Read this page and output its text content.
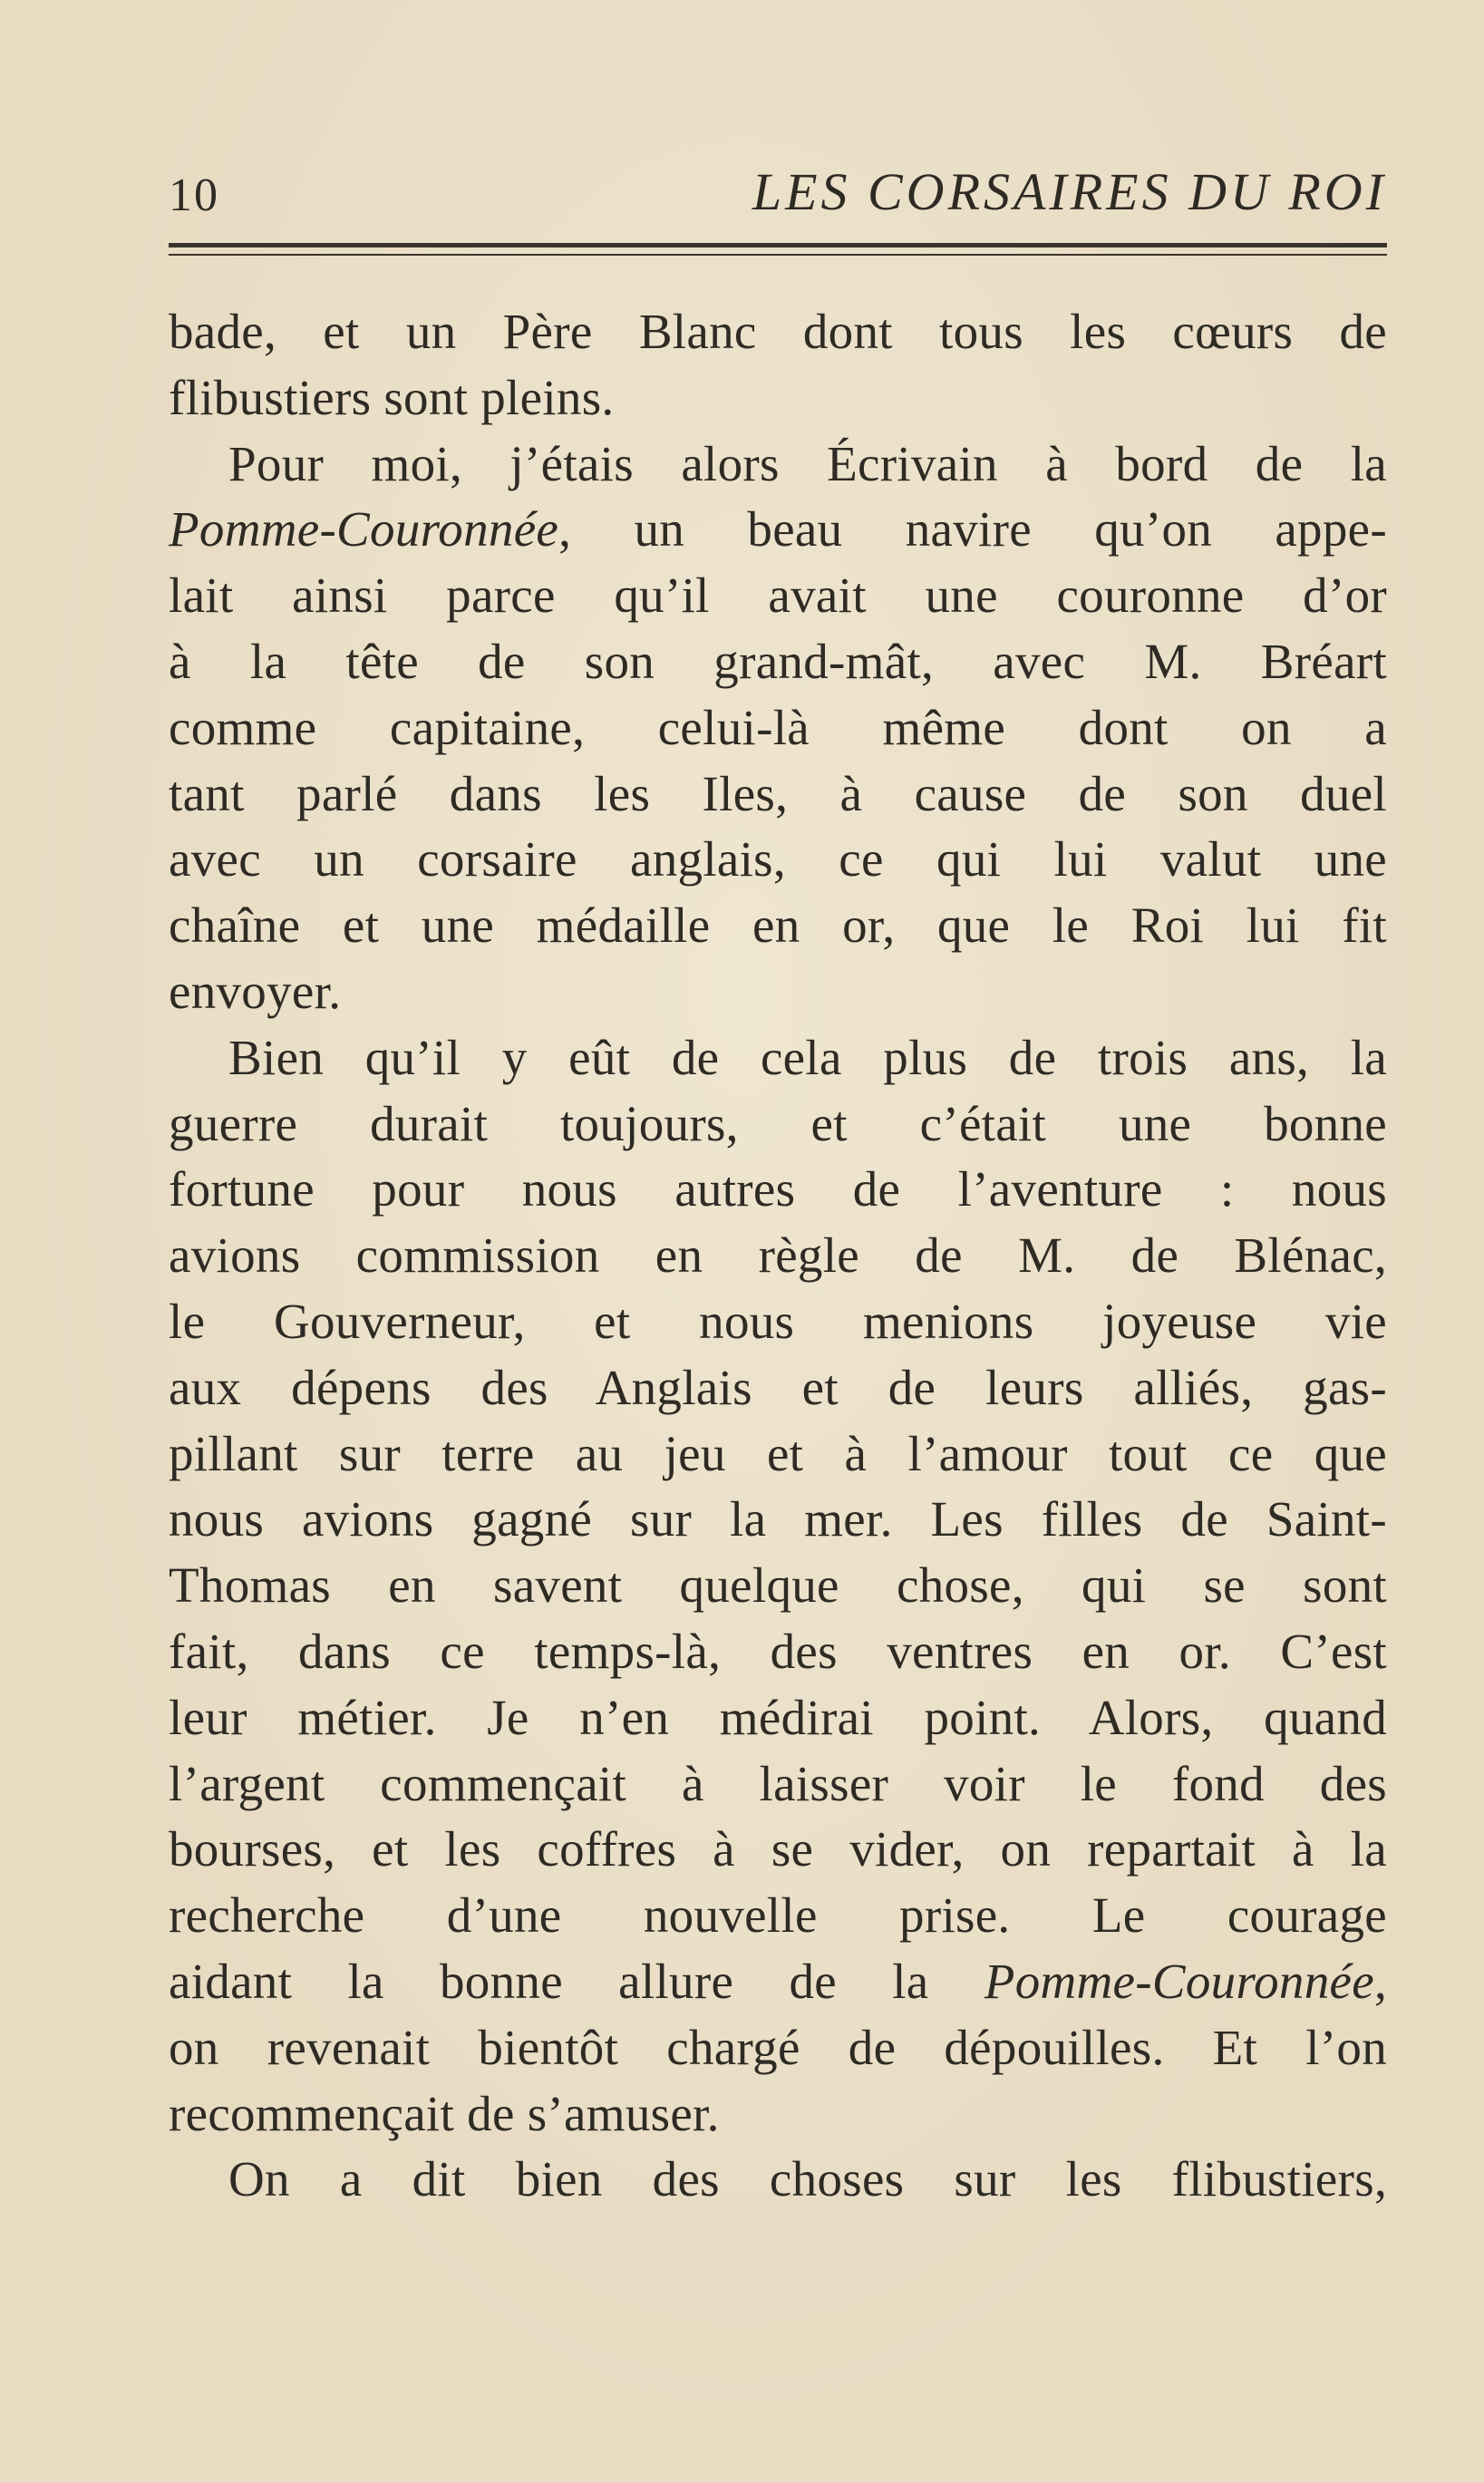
10	LES CORSAIRES DU ROI
bade, et un Père Blanc dont tous les cœurs de
flibustiers sont pleins.
Pour moi, j’étais alors Écrivain à bord de la
Pomme-Couronnée, un beau navire qu’on appe-
lait ainsi parce qu’il avait une couronne d’or
à la tête de son grand-mât, avec M. Bréart
comme capitaine, celui-là même dont on a
tant parlé dans les Iles, à cause de son duel
avec un corsaire anglais, ce qui lui valut une
chaîne et une médaille en or, que le Roi lui fit
envoyer.
Bien qu’il y eût de cela plus de trois ans, la
guerre durait toujours, et c’était une bonne
fortune pour nous autres de l’aventure : nous
avions commission en règle de M. de Blénac,
le Gouverneur, et nous menions joyeuse vie
aux dépens des Anglais et de leurs alliés, gas-
pillant sur terre au jeu et à l’amour tout ce que
nous avions gagné sur la mer. Les filles de Saint-
Thomas en savent quelque chose, qui se sont
fait, dans ce temps-là, des ventres en or. C’est
leur métier. Je n’en médirai point. Alors, quand
l’argent commençait à laisser voir le fond des
bourses, et les coffres à se vider, on repartait à la
recherche d’une nouvelle prise. Le courage
aidant la bonne allure de la Pomme-Couronnée,
on revenait bientôt chargé de dépouilles. Et l’on
recommençait de s’amuser.
On a dit bien des choses sur les flibustiers,
